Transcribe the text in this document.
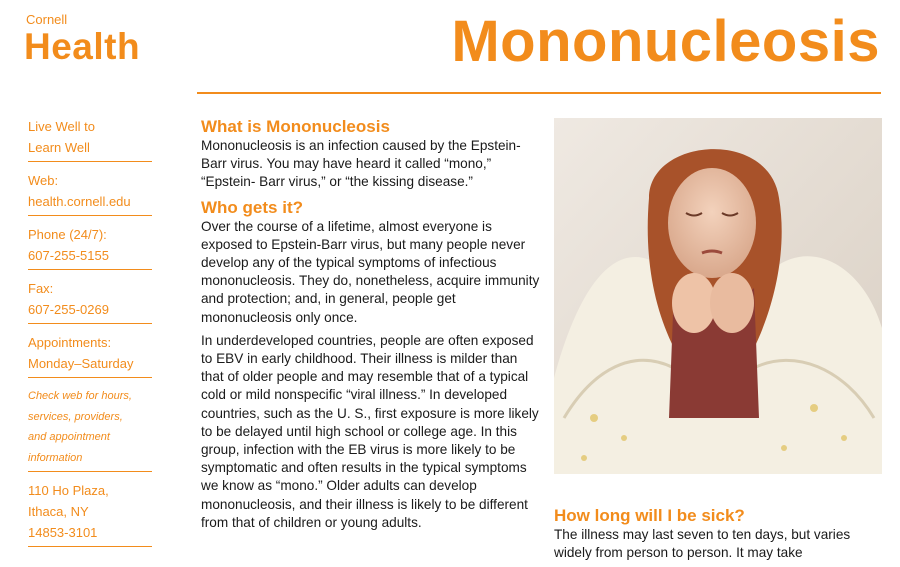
Cornell
Health	Mononucleosis
Live Well to
Learn Well
Web:
health.cornell.edu
Phone (24/7):
607-255-5155
Fax:
607-255-0269
Appointments:
Monday–Saturday
Check web for hours,
services, providers,
and appointment
information
110 Ho Plaza,
Ithaca, NY
14853-3101
What is Mononucleosis

Mononucleosis is an infection caused by the Epstein-Barr virus. You may have heard it called “mono,” “Epstein- Barr virus,” or “the kissing disease.”

Who gets it?

Over the course of a lifetime, almost everyone is exposed to Epstein-Barr virus, but many people never develop any of the typical symptoms of infectious mononucleosis. They do, nonetheless, acquire immunity and protection; and, in general, people get mononucleosis only once.

In underdeveloped countries, people are often exposed to EBV in early childhood. Their illness is milder than that of older people and may resemble that of a typical cold or mild nonspecific “viral illness.” In developed countries, such as the U. S., first exposure is more likely to be delayed until high school or college age. In this group, infection with the EB virus is more likely to be symptomatic and often results in the typical symptoms we know as “mono.” Older adults can develop mononucleosis, and their illness is likely to be different from that of children or young adults.	How long will I be sick?

The illness may last seven to ten days, but varies widely from person to person. It may take
